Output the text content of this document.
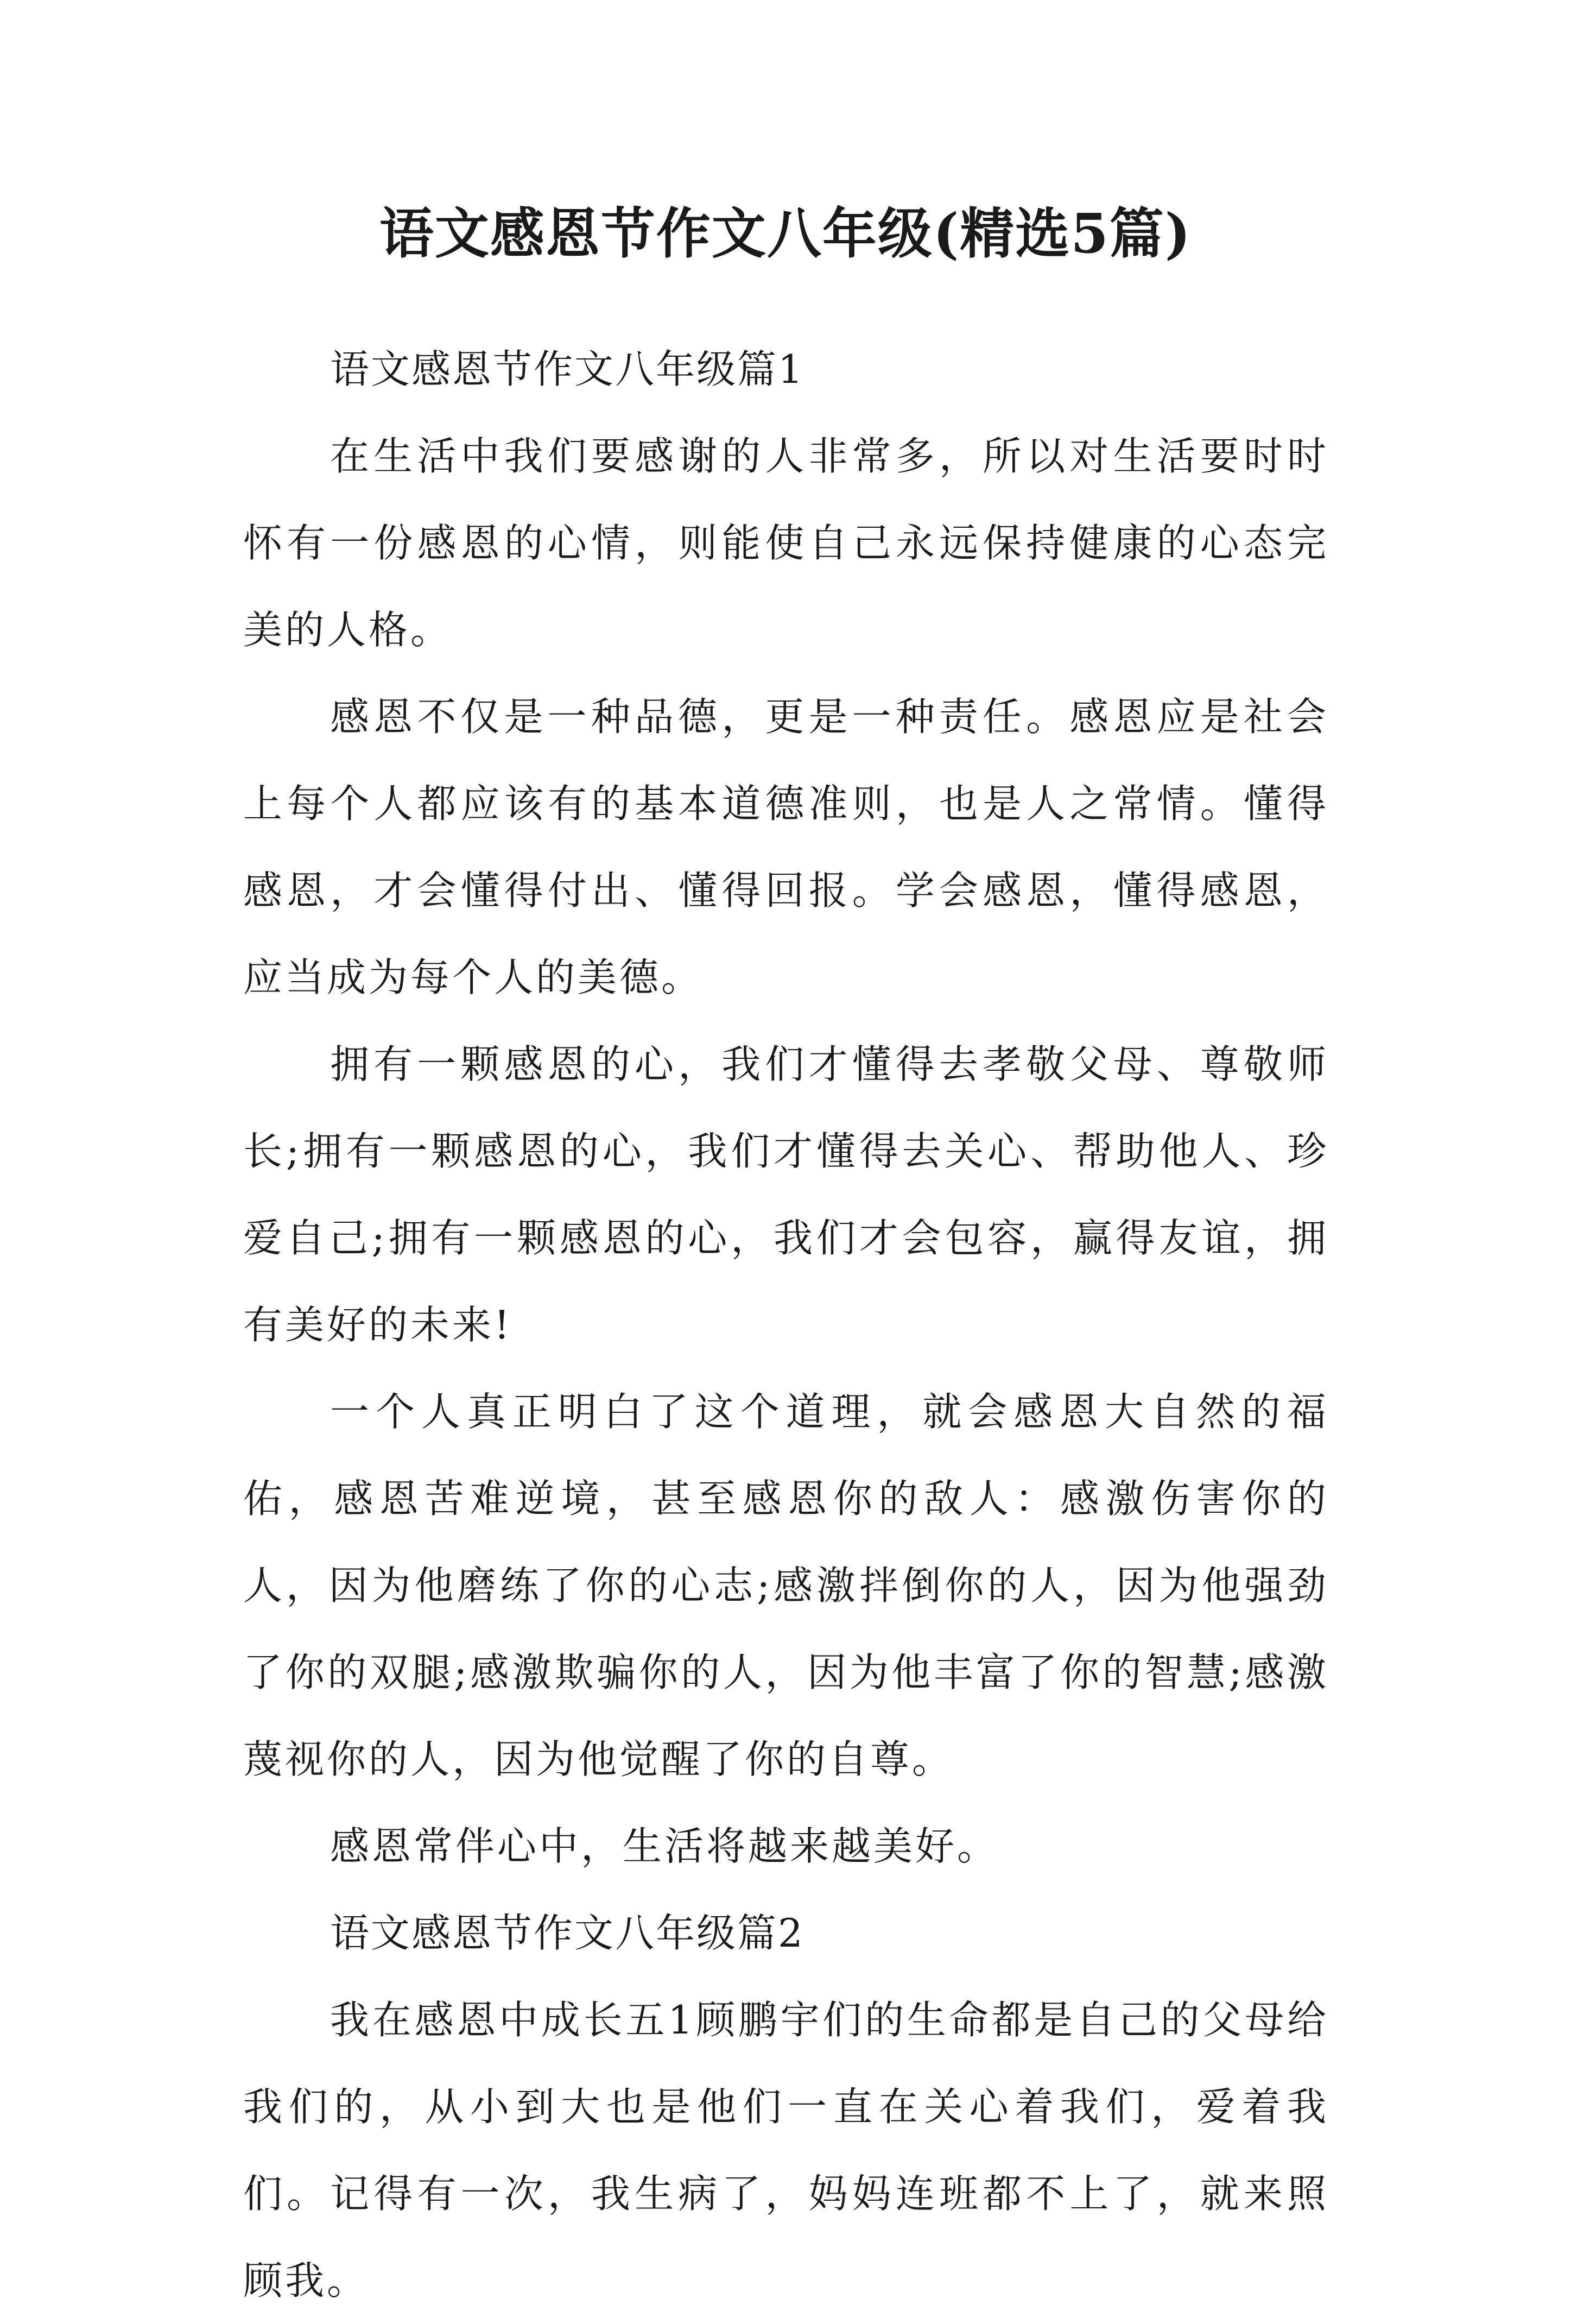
语文感恩节作文八年级(精选5篇)

语文感恩节作文八年级篇1

在生活中我们要感谢的人非常多，所以对生活要时时怀有一份感恩的心情，则能使自己永远保持健康的心态完美的人格。

感恩不仅是一种品德，更是一种责任。感恩应是社会上每个人都应该有的基本道德准则，也是人之常情。懂得感恩，才会懂得付出、懂得回报。学会感恩，懂得感恩，应当成为每个人的美德。

拥有一颗感恩的心，我们才懂得去孝敬父母、尊敬师长;拥有一颗感恩的心，我们才懂得去关心、帮助他人、珍爱自己;拥有一颗感恩的心，我们才会包容，赢得友谊，拥有美好的未来!

一个人真正明白了这个道理，就会感恩大自然的福佑，感恩苦难逆境，甚至感恩你的敌人：感激伤害你的人，因为他磨练了你的心志;感激拌倒你的人，因为他强劲了你的双腿;感激欺骗你的人，因为他丰富了你的智慧;感激蔑视你的人，因为他觉醒了你的自尊。

感恩常伴心中，生活将越来越美好。

语文感恩节作文八年级篇2

我在感恩中成长五1顾鹏宇们的生命都是自己的父母给我们的，从小到大也是他们一直在关心着我们，爱着我们。记得有一次，我生病了，妈妈连班都不上了，就来照顾我。
